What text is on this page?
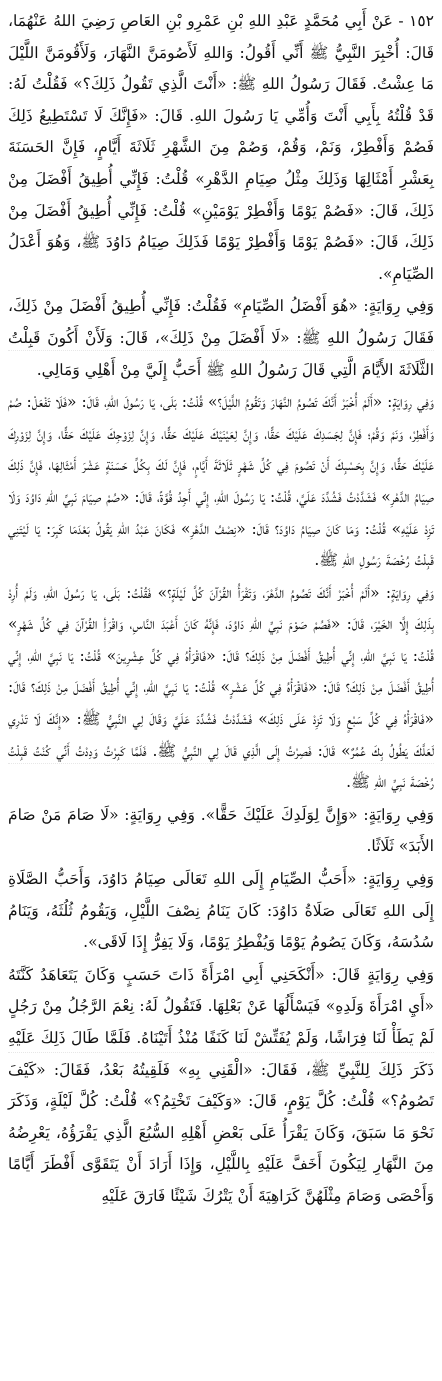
١٥٢ - عَنْ أَبِي مُحَمَّدٍ عَبْدِ اللهِ بْنِ عَمْرِو بْنِ العَاصِ رَضِيَ اللهُ عَنْهُمَا، قَالَ: أُخْبِرَ النَّبِيُّ ﷺ أَنِّي أَقُولُ: وَاللهِ لَأَصُومَنَّ النَّهَارَ، وَلَأَقُومَنَّ اللَّيْلَ مَا عِشْتُ. فَقَالَ رَسُولُ اللهِ ﷺ: «أَنْتَ الَّذِي تَقُولُ ذَلِكَ؟» فَقُلْتُ لَهُ: قَدْ قُلْتُهُ بِأَبِي أَنْتَ وَأُمِّي يَا رَسُولَ اللهِ. قَالَ: «فَإِنَّكَ لَا تَسْتَطِيعُ ذَلِكَ فَصُمْ وَأَفْطِرْ، وَنَمْ، وَقُمْ، وَصُمْ مِنَ الشَّهْرِ ثَلَاثَةَ أَيَّامٍ، فَإِنَّ الحَسَنَةَ بِعَشْرِ أَمْثَالِهَا وَذَلِكَ مِثْلُ صِيَامِ الدَّهْرِ» قُلْتُ: فَإِنِّي أُطِيقُ أَفْضَلَ مِنْ ذَلِكَ، قَالَ: «فَصُمْ يَوْمًا وَأَفْطِرْ يَوْمَيْنِ» قُلْتُ: فَإِنِّي أُطِيقُ أَفْضَلَ مِنْ ذَلِكَ، قَالَ: «فَصُمْ يَوْمًا وَأَفْطِرْ يَوْمًا فَذَلِكَ صِيَامُ دَاوُدَ ﷺ، وَهُوَ أَعْدَلُ الصِّيَامِ».

وَفِي رِوَايَةٍ: «هُوَ أَفْضَلُ الصِّيَامِ» فَقُلْتُ: فَإِنِّي أُطِيقُ أَفْضَلَ مِنْ ذَلِكَ، فَقَالَ رَسُولُ اللهِ ﷺ: «لَا أَفْضَلَ مِنْ ذَلِكَ»، قَالَ: وَلَأَنْ أَكُونَ قَبِلْتُ الثَّلَاثَةَ الأَيَّامَ الَّتِي قَالَ رَسُولُ اللهِ ﷺ أَحَبُّ إِلَيَّ مِنْ أَهْلِي وَمَالِي.

وَفِي رِوَايَةٍ: «أَلَمْ أُخْبَرْ أَنَّكَ تَصُومُ النَّهَارَ وَتَقُومُ اللَّيْلَ؟» قُلْتُ: بَلَى، يَا رَسُولَ اللهِ، قَالَ: «فَلَا تَفْعَلْ: صُمْ وَأَفْطِرْ، وَنَمْ وَقُمْ؛ فَإِنَّ لِجَسَدِكَ عَلَيْكَ حَقًّا، وَإِنَّ لِعَيْنَيْكَ عَلَيْكَ حَقًّا، وَإِنَّ لِزَوْجِكَ عَلَيْكَ حَقًّا، وَإِنَّ لِزَوْرِكَ عَلَيْكَ حَقًّا، وَإِنَّ بِحَسْبِكَ أَنْ تَصُومَ فِي كُلِّ شَهْرٍ ثَلَاثَةَ أَيَّامٍ، فَإِنَّ لَكَ بِكُلِّ حَسَنَةٍ عَشْرَ أَمْثَالِهَا، فَإِنَّ ذَلِكَ صِيَامُ الدَّهْرِ» فَشَدَّدْتُ فَشُدِّدَ عَلَيَّ، قُلْتُ: يَا رَسُولَ اللهِ، إِنِّي أَجِدُ قُوَّةً، قَالَ: «صُمْ صِيَامَ نَبِيِّ اللهِ دَاوُدَ وَلَا تَزِدْ عَلَيْهِ» قُلْتُ: وَمَا كَانَ صِيَامُ دَاوُدَ؟ قَالَ: «نِصْفُ الدَّهْرِ» فَكَانَ عَبْدُ اللهِ يَقُولُ بَعْدَمَا كَبِرَ: يَا لَيْتَنِي قَبِلْتُ رُخْصَةَ رَسُولِ اللهِ ﷺ.

وَفِي رِوَايَةٍ: «أَلَمْ أُخْبَرْ أَنَّكَ تَصُومُ الدَّهْرَ، وَتَقْرَأُ القُرْآنَ كُلَّ لَيْلَةٍ؟» فَقُلْتُ: بَلَى، يَا رَسُولَ اللهِ، وَلَمْ أُرِدْ بِذَلِكَ إِلَّا الخَيْرَ، قَالَ: «فَصُمْ صَوْمَ نَبِيِّ اللهِ دَاوُدَ، فَإِنَّهُ كَانَ أَعْبَدَ النَّاسِ، وَاقْرَأِ القُرْآنَ فِي كُلِّ شَهْرٍ» قُلْتُ: يَا نَبِيَّ اللهِ، إِنِّي أُطِيقُ أَفْضَلَ مِنْ ذَلِكَ؟ قَالَ: «فَاقْرَأْهُ فِي كُلِّ عِشْرِينَ» قُلْتُ: يَا نَبِيَّ اللهِ، إِنِّي أُطِيقُ أَفْضَلَ مِنْ ذَلِكَ؟ قَالَ: «فَاقْرَأْهُ فِي كُلِّ عَشْرٍ» قُلْتُ: يَا نَبِيَّ اللهِ، إِنِّي أُطِيقُ أَفْضَلَ مِنْ ذَلِكَ؟ قَالَ: «فَاقْرَأْهُ فِي كُلِّ سَبْعٍ وَلَا تَزِدْ عَلَى ذَلِكَ» فَشَدَّدْتُ فَشُدِّدَ عَلَيَّ وَقَالَ لِي النَّبِيُّ ﷺ: «إِنَّكَ لَا تَدْرِي لَعَلَّكَ يَطُولُ بِكَ عُمُرٌ» قَالَ: فَصِرْتُ إِلَى الَّذِي قَالَ لِي النَّبِيُّ ﷺ. فَلَمَّا كَبِرْتُ وَدِدْتُ أَنِّي كُنْتُ قَبِلْتُ رُخْصَةَ نَبِيِّ اللهِ ﷺ.

وَفِي رِوَايَةٍ: «وَإِنَّ لِوَلَدِكَ عَلَيْكَ حَقًّا». وَفِي رِوَايَةٍ: «لَا صَامَ مَنْ صَامَ الأَبَدَ» ثَلَاثًا.

وَفِي رِوَايَةٍ: «أَحَبُّ الصِّيَامِ إِلَى اللهِ تَعَالَى صِيَامُ دَاوُدَ، وَأَحَبُّ الصَّلَاةِ إِلَى اللهِ تَعَالَى صَلَاةُ دَاوُدَ: كَانَ يَنَامُ نِصْفَ اللَّيْلِ، وَيَقُومُ ثُلُثَهُ، وَيَنَامُ سُدُسَهُ، وَكَانَ يَصُومُ يَوْمًا وَيُفْطِرُ يَوْمًا، وَلَا يَفِرُّ إِذَا لَاقَى».

وَفِي رِوَايَةٍ قَالَ: «أَنْكَحَنِي أَبِي امْرَأَةً ذَاتَ حَسَبٍ وَكَانَ يَتَعَاهَدُ كَنَّتَهُ «أَيِ امْرَأَةَ وَلَدِهِ» فَيَسْأَلُهَا عَنْ بَعْلِهَا. فَتَقُولُ لَهُ: نِعْمَ الرَّجُلُ مِنْ رَجُلٍ لَمْ يَطَأْ لَنَا فِرَاشًا، وَلَمْ يُفَتِّشْ لَنَا كَنَفًا مُنْذُ أَتَيْنَاهُ. فَلَمَّا طَالَ ذَلِكَ عَلَيْهِ ذَكَرَ ذَلِكَ لِلنَّبِيِّ ﷺ، فَقَالَ: «الْقَنِي بِهِ» فَلَقِيتُهُ بَعْدُ، فَقَالَ: «كَيْفَ تَصُومُ؟» قُلْتُ: كُلَّ يَوْمٍ، قَالَ: «وَكَيْفَ تَخْتِمُ؟» قُلْتُ: كُلَّ لَيْلَةٍ، وَذَكَرَ نَحْوَ مَا سَبَقَ، وَكَانَ يَقْرَأُ عَلَى بَعْضِ أَهْلِهِ السُّبُعَ الَّذِي يَقْرَؤُهُ، يَعْرِضُهُ مِنَ النَّهَارِ لِيَكُونَ أَخَفَّ عَلَيْهِ بِاللَّيْلِ، وَإِذَا أَرَادَ أَنْ يَتَقَوَّى أَفْطَرَ أَيَّامًا وَأَحْصَى وَصَامَ مِثْلَهُنَّ كَرَاهِيَةَ أَنْ يَتْرُكَ شَيْئًا فَارَقَ عَلَيْهِ
